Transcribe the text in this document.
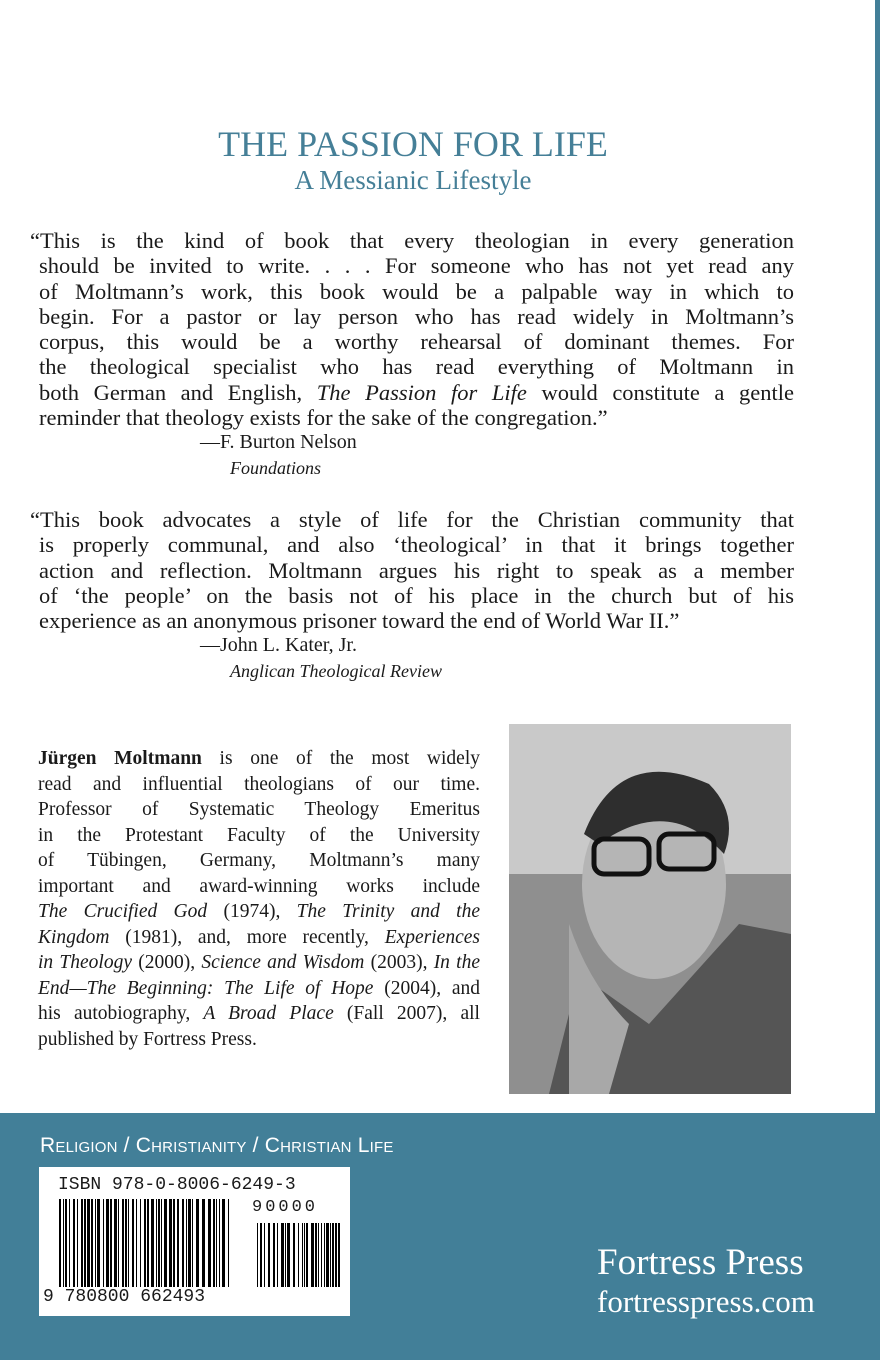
THE PASSION FOR LIFE
A Messianic Lifestyle
“This is the kind of book that every theologian in every generation
should be invited to write. . . . For someone who has not yet read any
of Moltmann’s work, this book would be a palpable way in which to
begin. For a pastor or lay person who has read widely in Moltmann’s
corpus, this would be a worthy rehearsal of dominant themes. For
the theological specialist who has read everything of Moltmann in
both German and English, The Passion for Life would constitute a gentle
reminder that theology exists for the sake of the congregation.”
—F. Burton Nelson
Foundations
“This book advocates a style of life for the Christian community that
is properly communal, and also ‘theological’ in that it brings together
action and reflection. Moltmann argues his right to speak as a member
of ‘the people’ on the basis not of his place in the church but of his
experience as an anonymous prisoner toward the end of World War II.”
—John L. Kater, Jr.
Anglican Theological Review
Jürgen Moltmann is one of the most widely
read and influential theologians of our time.
Professor of Systematic Theology Emeritus
in the Protestant Faculty of the University
of Tübingen, Germany, Moltmann’s many
important and award-winning works include
The Crucified God (1974), The Trinity and the
Kingdom (1981), and, more recently, Experiences
in Theology (2000), Science and Wisdom (2003), In the
End—The Beginning: The Life of Hope (2004), and
his autobiography, A Broad Place (Fall 2007), all
published by Fortress Press.
Religion / Christianity / Christian Life
ISBN 978-0-8006-6249-3
90000
9 780800 662493
Fortress Press
fortresspress.com
